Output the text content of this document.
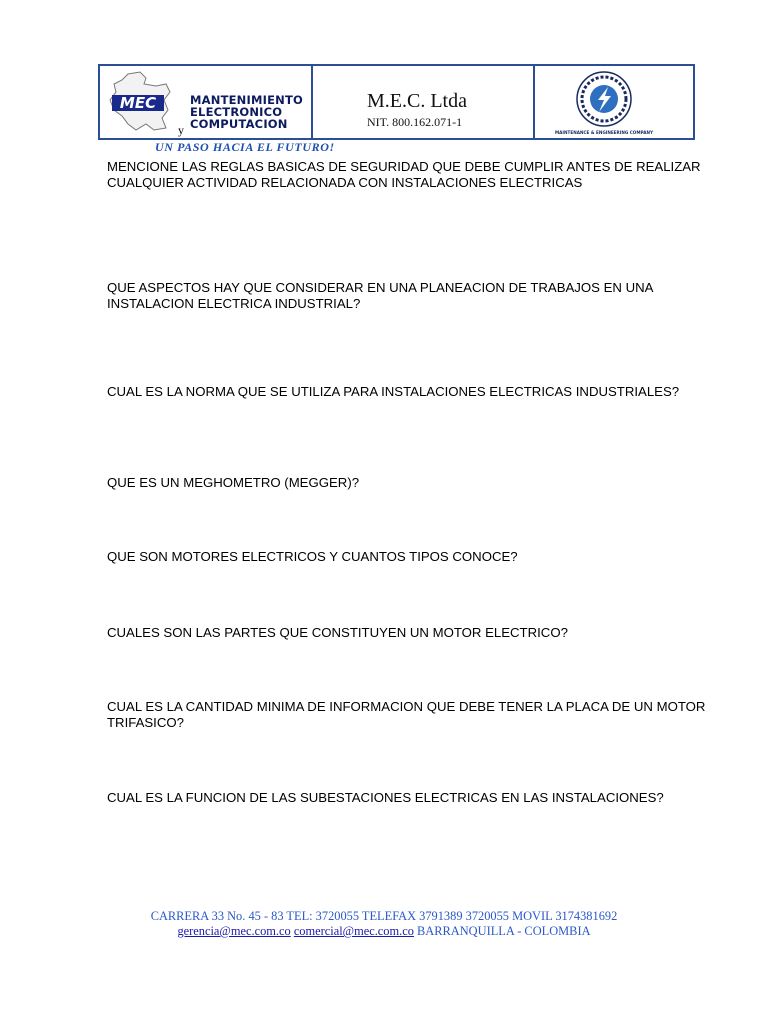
MEC
y
MANTENIMIENTO
ELECTRONICO
COMPUTACION
M.E.C. Ltda
NIT. 800.162.071-1
MAINTENANCE & ENGINEERING COMPANY
UN PASO HACIA EL FUTURO!

MENCIONE LAS REGLAS BASICAS DE SEGURIDAD QUE DEBE CUMPLIR ANTES DE REALIZAR CUALQUIER ACTIVIDAD RELACIONADA CON INSTALACIONES ELECTRICAS

QUE ASPECTOS HAY QUE CONSIDERAR EN UNA PLANEACION DE TRABAJOS EN UNA INSTALACION ELECTRICA INDUSTRIAL?

CUAL ES LA NORMA QUE SE UTILIZA PARA INSTALACIONES ELECTRICAS INDUSTRIALES?

QUE ES UN MEGHOMETRO (MEGGER)?

QUE SON MOTORES ELECTRICOS Y CUANTOS TIPOS CONOCE?

CUALES SON LAS PARTES QUE CONSTITUYEN UN MOTOR ELECTRICO?

CUAL ES LA CANTIDAD MINIMA DE INFORMACION QUE DEBE TENER LA PLACA DE UN MOTOR TRIFASICO?

CUAL ES LA FUNCION DE LAS SUBESTACIONES ELECTRICAS EN LAS INSTALACIONES?

CARRERA 33 No. 45 - 83 TEL: 3720055 TELEFAX 3791389 3720055 MOVIL 3174381692
gerencia@mec.com.co comercial@mec.com.co BARRANQUILLA - COLOMBIA
